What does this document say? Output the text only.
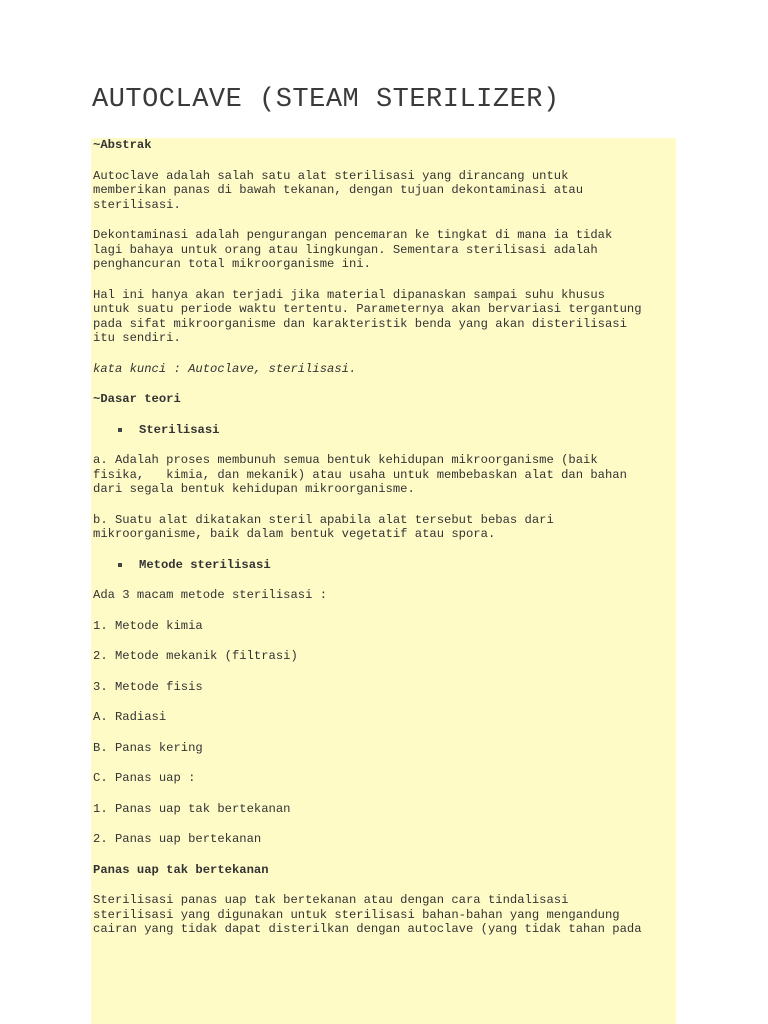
AUTOCLAVE (STEAM STERILIZER)

~Abstrak

Autoclave adalah salah satu alat sterilisasi yang dirancang untuk
memberikan panas di bawah tekanan, dengan tujuan dekontaminasi atau
sterilisasi.

Dekontaminasi adalah pengurangan pencemaran ke tingkat di mana ia tidak
lagi bahaya untuk orang atau lingkungan. Sementara sterilisasi adalah
penghancuran total mikroorganisme ini.

Hal ini hanya akan terjadi jika material dipanaskan sampai suhu khusus
untuk suatu periode waktu tertentu. Parameternya akan bervariasi tergantung
pada sifat mikroorganisme dan karakteristik benda yang akan disterilisasi
itu sendiri.

kata kunci : Autoclave, sterilisasi.

~Dasar teori

Sterilisasi

a. Adalah proses membunuh semua bentuk kehidupan mikroorganisme (baik
fisika,   kimia, dan mekanik) atau usaha untuk membebaskan alat dan bahan
dari segala bentuk kehidupan mikroorganisme.

b. Suatu alat dikatakan steril apabila alat tersebut bebas dari
mikroorganisme, baik dalam bentuk vegetatif atau spora.

Metode sterilisasi

Ada 3 macam metode sterilisasi :

1. Metode kimia

2. Metode mekanik (filtrasi)

3. Metode fisis

A. Radiasi

B. Panas kering

C. Panas uap :

1. Panas uap tak bertekanan

2. Panas uap bertekanan

Panas uap tak bertekanan

Sterilisasi panas uap tak bertekanan atau dengan cara tindalisasi
sterilisasi yang digunakan untuk sterilisasi bahan-bahan yang mengandung
cairan yang tidak dapat disterilkan dengan autoclave (yang tidak tahan pada
